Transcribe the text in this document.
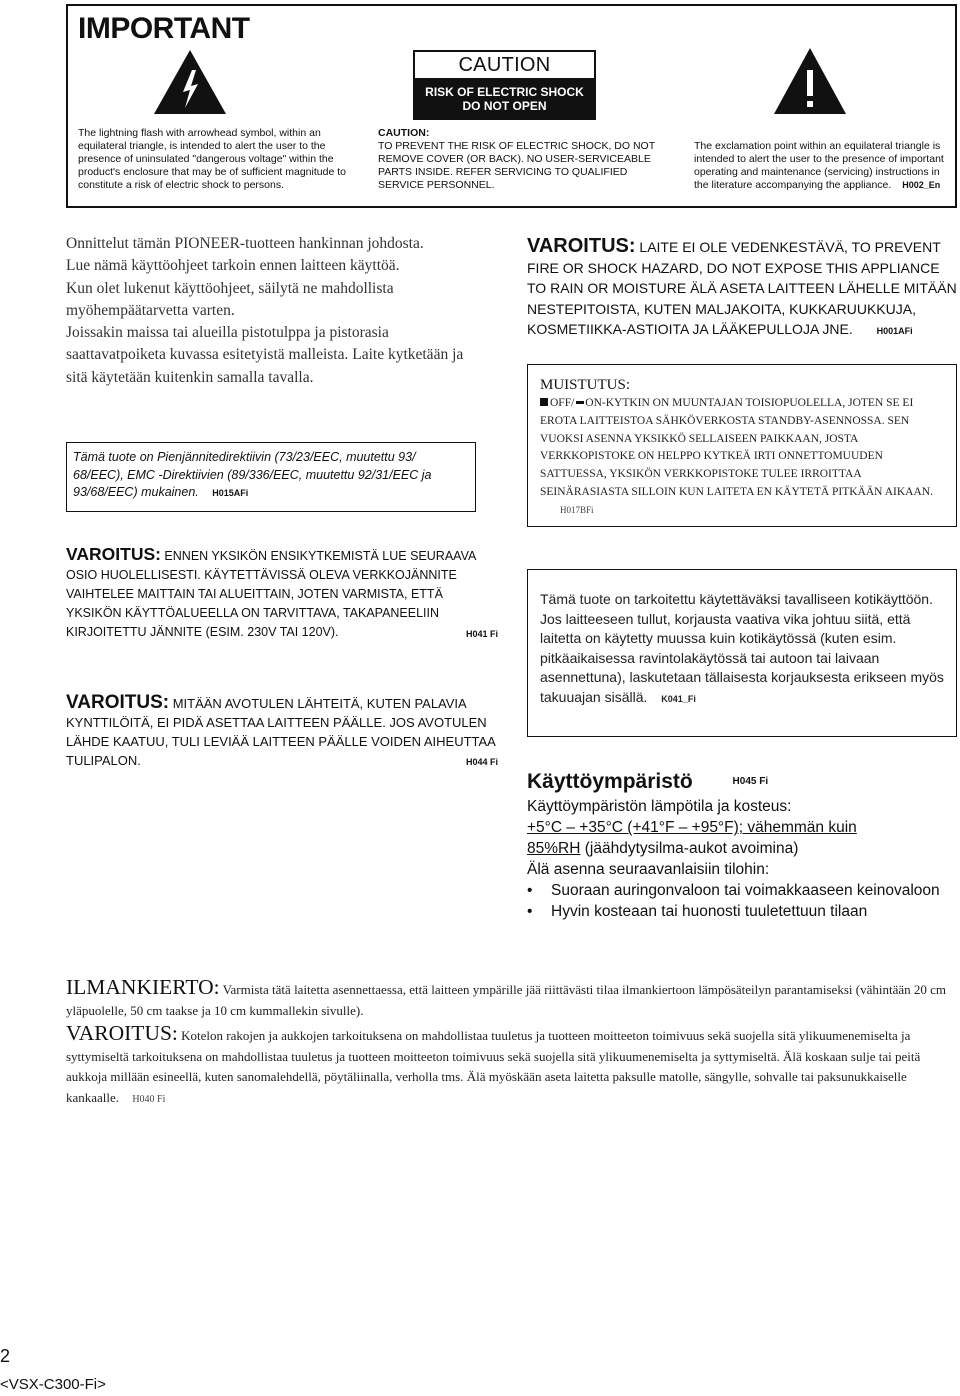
IMPORTANT
CAUTION
RISK OF ELECTRIC SHOCK
DO NOT OPEN
The lightning flash with arrowhead symbol, within an equilateral triangle, is intended to alert the user to the presence of uninsulated "dangerous voltage" within the product's enclosure that may be of sufficient magnitude to constitute a risk of electric shock to persons.
CAUTION:
TO PREVENT THE RISK OF ELECTRIC SHOCK, DO NOT REMOVE COVER (OR BACK). NO USER-SERVICEABLE PARTS INSIDE. REFER SERVICING TO QUALIFIED SERVICE PERSONNEL.
The exclamation point within an equilateral triangle is intended to alert the user to the presence of important operating and maintenance (servicing) instructions in the literature accompanying the appliance. H002_En
Onnittelut tämän PIONEER-tuotteen hankinnan johdosta.
Lue nämä käyttöohjeet tarkoin ennen laitteen käyttöä.
Kun olet lukenut käyttöohjeet, säilytä ne mahdollista myöhempäätarvetta varten.
Joissakin maissa tai alueilla pistotulppa ja pistorasia saattavatpoiketa kuvassa esitetyistä malleista. Laite kytketään ja sitä käytetään kuitenkin samalla tavalla.
Tämä tuote on Pienjännitedirektiivin (73/23/EEC, muutettu 93/ 68/EEC), EMC -Direktiivien (89/336/EEC, muutettu 92/31/EEC ja 93/68/EEC) mukainen. H015AFi
VAROITUS: LAITE EI OLE VEDENKESTÄVÄ, TO PREVENT FIRE OR SHOCK HAZARD, DO NOT EXPOSE THIS APPLIANCE TO RAIN OR MOISTURE ÄLÄ ASETA LAITTEEN LÄHELLE MITÄÄN NESTEPITOISTA, KUTEN MALJAKOITA, KUKKARUUKKUJA, KOSMETIIKKA-ASTIOITA JA LÄÄKEPULLOJA JNE.	H001AFi
MUISTUTUS:
OFF/ ON-KYTKIN ON MUUNTAJAN TOISIOPUOLELLA, JOTEN SE EI EROTA LAITTEISTOA SÄHKÖVERKOSTA STANDBY-ASENNOSSA. SEN VUOKSI ASENNA YKSIKKÖ SELLAISEEN PAIKKAAN, JOSTA VERKKOPISTOKE ON HELPPO KYTKEÄ IRTI ONNETTOMUUDEN SATTUESSA, YKSIKÖN VERKKOPISTOKE TULEE IRROITTAA SEINÄRASIASTA SILLOIN KUN LAITETA EN KÄYTETÄ PITKÄÄN AIKAAN. H017BFi
VAROITUS: ENNEN YKSIKÖN ENSIKYTKEMISTÄ LUE SEURAAVA OSIO HUOLELLISESTI. KÄYTETTÄVISSÄ OLEVA VERKKOJÄNNITE VAIHTELEE MAITTAIN TAI ALUEITTAIN, JOTEN VARMISTA, ETTÄ YKSIKÖN KÄYTTÖALUEELLA ON TARVITTAVA, TAKAPANEELIIN KIRJOITETTU JÄNNITE (ESIM. 230V TAI 120V).	H041 Fi
VAROITUS: MITÄÄN AVOTULEN LÄHTEITÄ, KUTEN PALAVIA KYNTTILÖITÄ, EI PIDÄ ASETTAA LAITTEEN PÄÄLLE. JOS AVOTULEN LÄHDE KAATUU, TULI LEVIÄÄ LAITTEEN PÄÄLLE VOIDEN AIHEUTTAA TULIPALON.	H044 Fi
Tämä tuote on tarkoitettu käytettäväksi tavalliseen kotikäyttöön. Jos laitteeseen tullut, korjausta vaativa vika johtuu siitä, että laitetta on käytetty muussa kuin kotikäytössä (kuten esim. pitkäaikaisessa ravintolakäytössä tai autoon tai laivaan asennettuna), laskutetaan tällaisesta korjauksesta erikseen myös takuuajan sisällä. K041_Fi
Käyttöympäristö	H045 Fi
Käyttöympäristön lämpötila ja kosteus:
+5°C – +35°C (+41°F – +95°F); vähemmän kuin
85%RH (jäähdytysilma-aukot avoimina)
Älä asenna seuraavanlaisiin tilohin:
• Suoraan auringonvaloon tai voimakkaaseen keinovaloon
• Hyvin kosteaan tai huonosti tuuletettuun tilaan
ILMANKIERTO: Varmista tätä laitetta asennettaessa, että laitteen ympärille jää riittävästi tilaa ilmankiertoon lämpösäteilyn parantamiseksi (vähintään 20 cm yläpuolelle, 50 cm taakse ja 10 cm kummallekin sivulle).
VAROITUS: Kotelon rakojen ja aukkojen tarkoituksena on mahdollistaa tuuletus ja tuotteen moitteeton toimivuus sekä suojella sitä ylikuumenemiselta ja syttymiseltä tarkoituksena on mahdollistaa tuuletus ja tuotteen moitteeton toimivuus sekä suojella sitä ylikuumenemiselta ja syttymiseltä. Älä koskaan sulje tai peitä aukkoja millään esineellä, kuten sanomalehdellä, pöytäliinalla, verholla tms. Älä myöskään aseta laitetta paksulle matolle, sängylle, sohvalle tai paksunukkaiselle kankaalle. H040 Fi
2
<VSX-C300-Fi>
